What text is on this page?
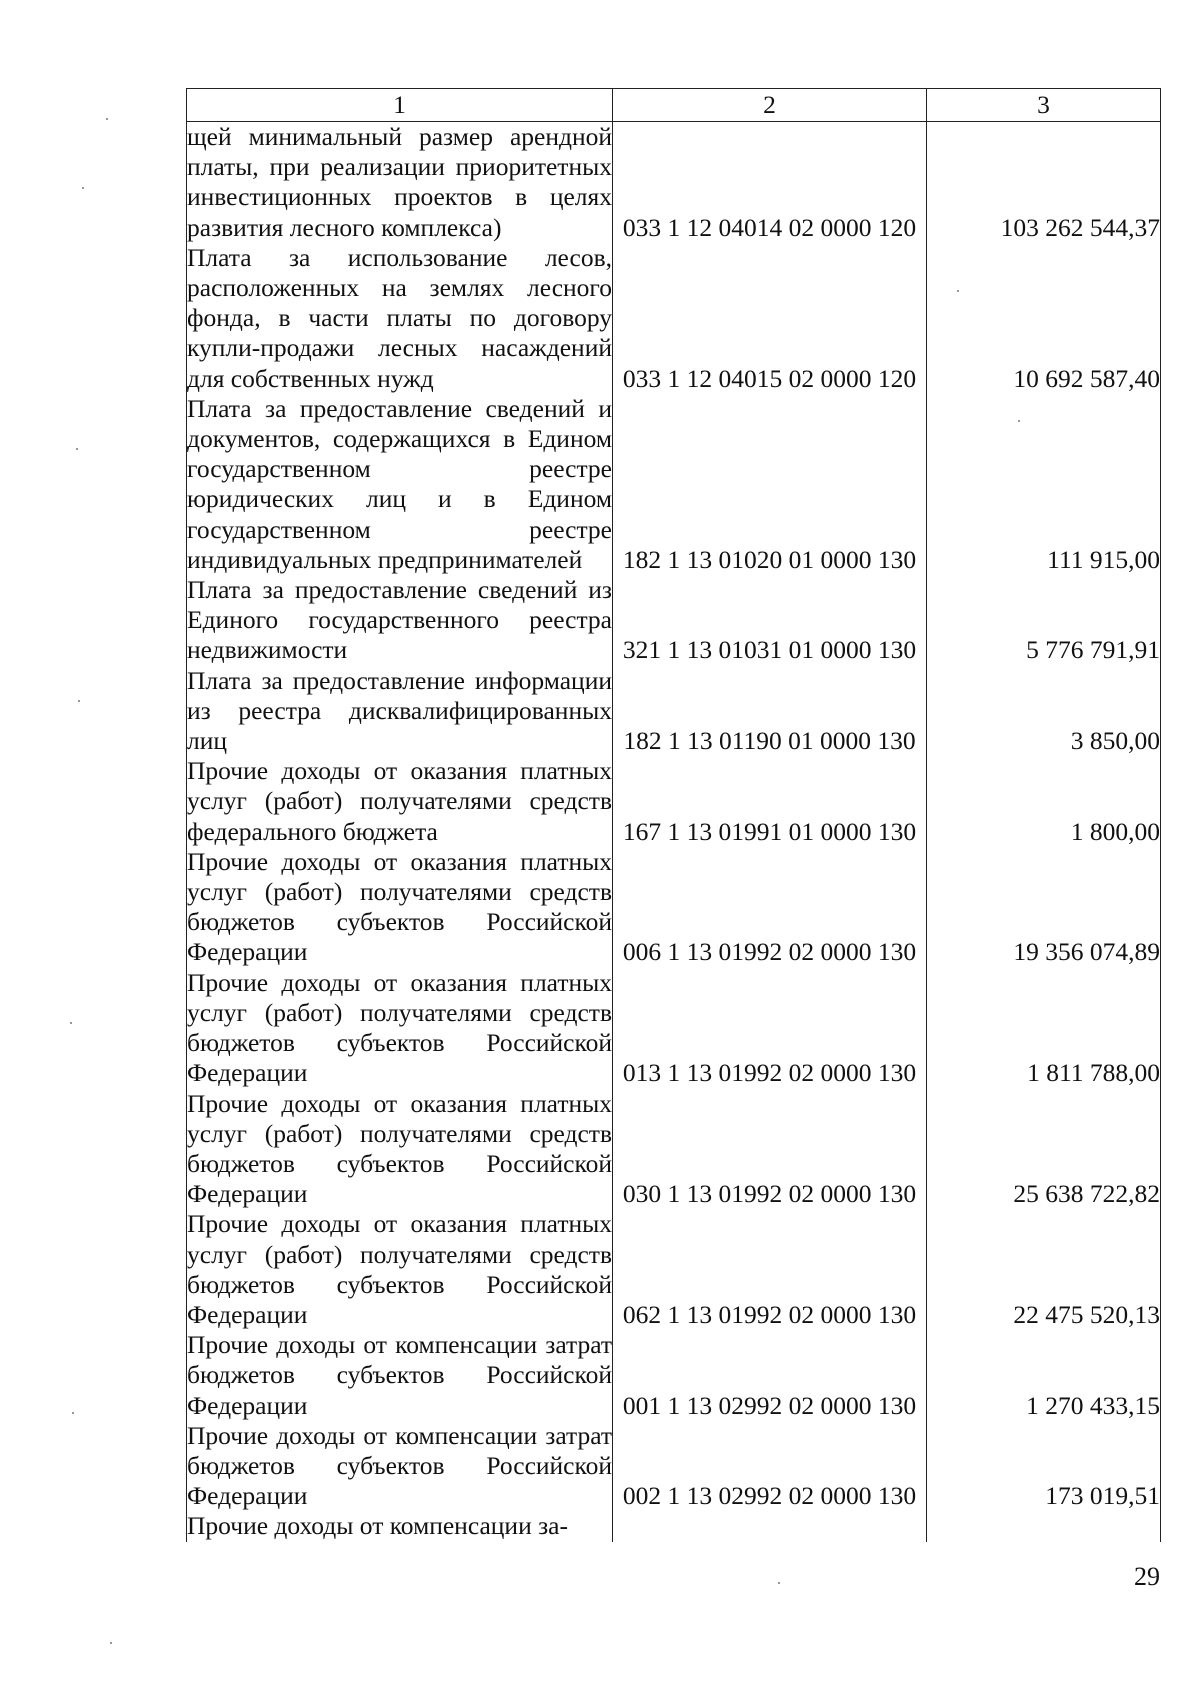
1	2	3
щей минимальный размер арендной платы, при реализации приоритетных инвестиционных проектов в целях развития лесного комплекса)	033 1 12 04014 02 0000 120	103 262 544,37
Плата за использование лесов, расположенных на землях лесного фонда, в части платы по договору купли-продажи лесных насаждений для собственных нужд	033 1 12 04015 02 0000 120	10 692 587,40
Плата за предоставление сведений и документов, содержащихся в Едином государственном реестре юридических лиц и в Едином государственном реестре индивидуальных предпринимателей	182 1 13 01020 01 0000 130	111 915,00
Плата за предоставление сведений из Единого государственного реестра недвижимости	321 1 13 01031 01 0000 130	5 776 791,91
Плата за предоставление информации из реестра дисквалифицированных лиц	182 1 13 01190 01 0000 130	3 850,00
Прочие доходы от оказания платных услуг (работ) получателями средств федерального бюджета	167 1 13 01991 01 0000 130	1 800,00
Прочие доходы от оказания платных услуг (работ) получателями средств бюджетов субъектов Российской Федерации	006 1 13 01992 02 0000 130	19 356 074,89
Прочие доходы от оказания платных услуг (работ) получателями средств бюджетов субъектов Российской Федерации	013 1 13 01992 02 0000 130	1 811 788,00
Прочие доходы от оказания платных услуг (работ) получателями средств бюджетов субъектов Российской Федерации	030 1 13 01992 02 0000 130	25 638 722,82
Прочие доходы от оказания платных услуг (работ) получателями средств бюджетов субъектов Российской Федерации	062 1 13 01992 02 0000 130	22 475 520,13
Прочие доходы от компенсации затрат бюджетов субъектов Российской Федерации	001 1 13 02992 02 0000 130	1 270 433,15
Прочие доходы от компенсации затрат бюджетов субъектов Российской Федерации	002 1 13 02992 02 0000 130	173 019,51
Прочие доходы от компенсации за-		
29
